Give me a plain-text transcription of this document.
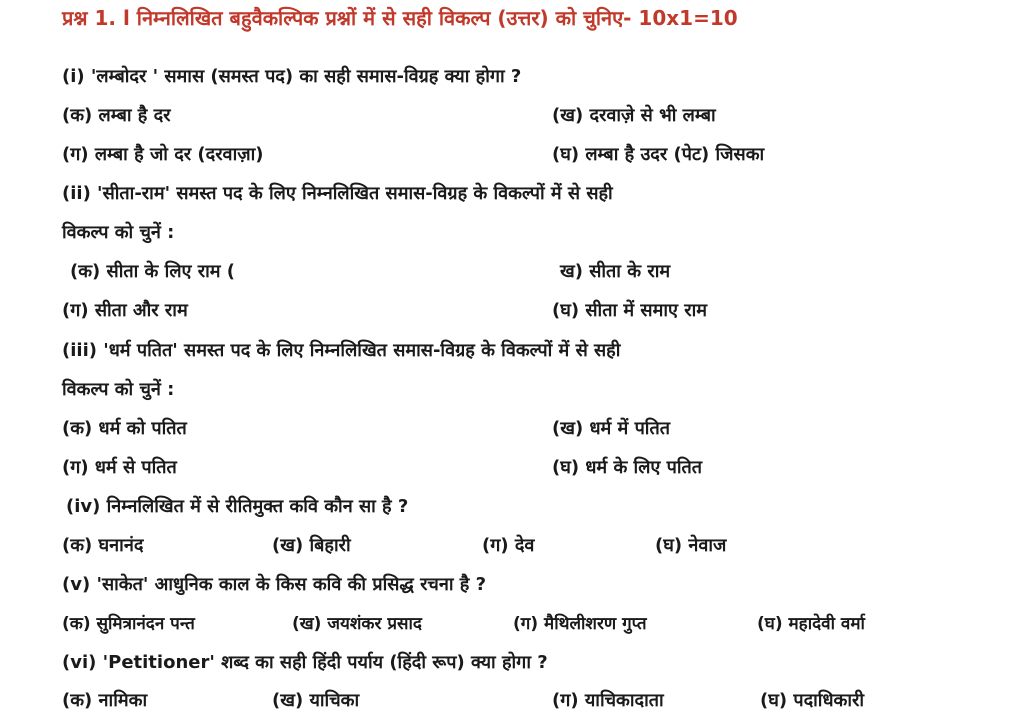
प्रश्न 1. l निम्नलिखित बहुवैकल्पिक प्रश्नों में से सही विकल्प (उत्तर) को चुनिए- 10x1=10
(i) 'लम्बोदर ' समास (समस्त पद) का सही समास-विग्रह क्या होगा ?
(क) लम्बा है दर	(ख) दरवाज़े से भी लम्बा
(ग) लम्बा है जो दर (दरवाज़ा)	(घ) लम्बा है उदर (पेट) जिसका
(ii) 'सीता-राम' समस्त पद के लिए निम्नलिखित समास-विग्रह के विकल्पों में से सही
विकल्प को चुनें :
(क) सीता के लिए राम (	ख) सीता के राम
(ग) सीता और राम	(घ) सीता में समाए राम
(iii) 'धर्म पतित' समस्त पद के लिए निम्नलिखित समास-विग्रह के विकल्पों में से सही
विकल्प को चुनें :
(क) धर्म को पतित	(ख) धर्म में पतित
(ग) धर्म से पतित	(घ) धर्म के लिए पतित
(iv) निम्नलिखित में से रीतिमुक्त कवि कौन सा है ?
(क) घनानंद	(ख) बिहारी	(ग) देव	(घ) नेवाज
(v) 'साकेत' आधुनिक काल के किस कवि की प्रसिद्ध रचना है ?
(क) सुमित्रानंदन पन्त	(ख) जयशंकर प्रसाद	(ग) मैथिलीशरण गुप्त	(घ) महादेवी वर्मा
(vi) 'Petitioner' शब्द का सही हिंदी पर्याय (हिंदी रूप) क्या होगा ?
(क) नामिका	(ख) याचिका	(ग) याचिकादाता	(घ) पदाधिकारी
